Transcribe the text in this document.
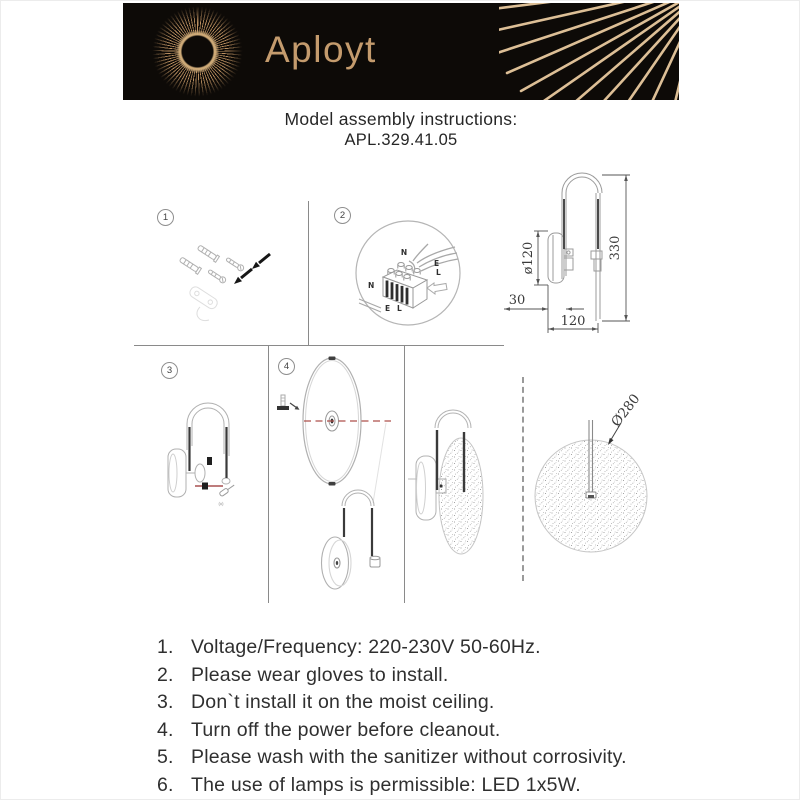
Aployt
Model assembly instructions:
APL.329.41.05
1	2
3	4
N
E
L
N
E L
330
ø120
30
120
Ø280
1. Voltage/Frequency: 220-230V 50-60Hz.
2. Please wear gloves to install.
3. Don`t install it on the moist ceiling.
4. Turn off the power before cleanout.
5. Please wash with the sanitizer without corrosivity.
6. The use of lamps is permissible: LED 1x5W.
